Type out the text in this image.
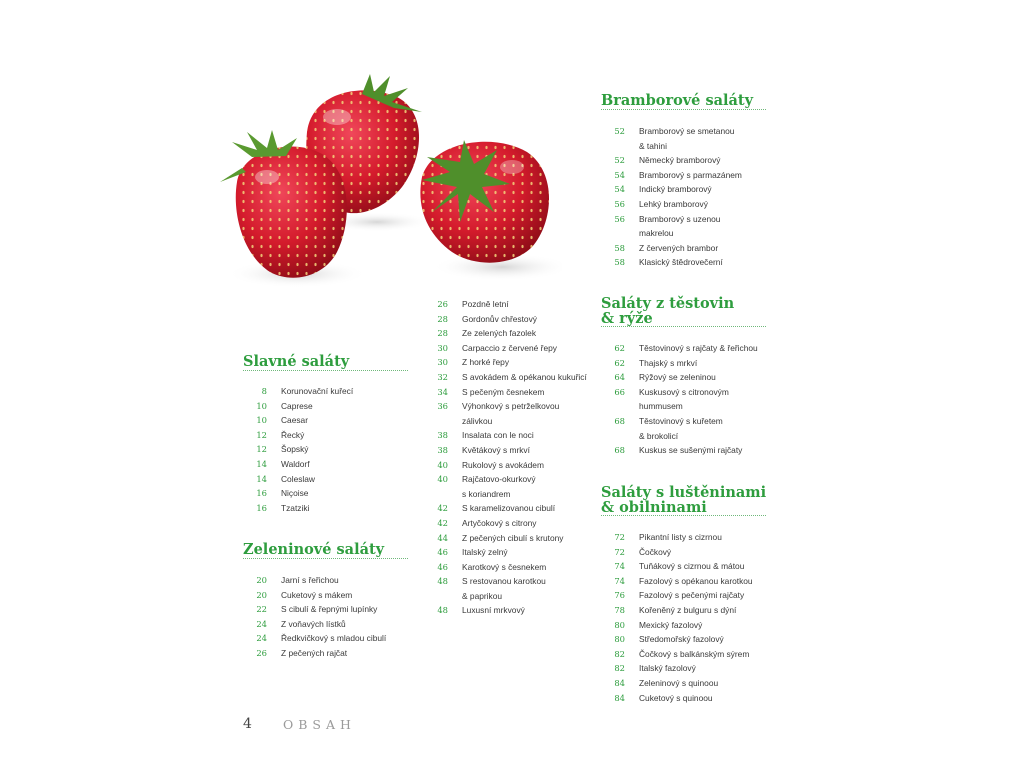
Slavné saláty
8 Korunovační kuřecí
10 Caprese
10 Caesar
12 Řecký
12 Šopský
14 Waldorf
14 Coleslaw
16 Niçoise
16 Tzatziki
Zeleninové saláty
20 Jarní s řeřichou
20 Cuketový s mákem
22 S cibulí & řepnými lupínky
24 Z voňavých lístků
24 Ředkvičkový s mladou cibulí
26 Z pečených rajčat
26 Pozdně letní
28 Gordonův chřestový
28 Ze zelených fazolek
30 Carpaccio z červené řepy
30 Z horké řepy
32 S avokádem & opékanou kukuřicí
34 S pečeným česnekem
36 Výhonkový s petrželkovou
zálivkou
38 Insalata con le noci
38 Květákový s mrkví
40 Rukolový s avokádem
40 Rajčatovo-okurkový
s koriandrem
42 S karamelizovanou cibulí
42 Artyčokový s citrony
44 Z pečených cibulí s krutony
46 Italský zelný
46 Karotkový s česnekem
48 S restovanou karotkou
& paprikou
48 Luxusní mrkvový
Bramborové saláty
52 Bramborový se smetanou
& tahini
52 Německý bramborový
54 Bramborový s parmazánem
54 Indický bramborový
56 Lehký bramborový
56 Bramborový s uzenou
makrelou
58 Z červených brambor
58 Klasický štědrovečerní
Saláty z těstovin
& rýže
62 Těstovinový s rajčaty & řeřichou
62 Thajský s mrkví
64 Rýžový se zeleninou
66 Kuskusový s citronovým
hummusem
68 Těstovinový s kuřetem
& brokolicí
68 Kuskus se sušenými rajčaty
Saláty s luštěninami
& obilninami
72 Pikantní listy s cizrnou
72 Čočkový
74 Tuňákový s cizrnou & mátou
74 Fazolový s opékanou karotkou
76 Fazolový s pečenými rajčaty
78 Kořeněný z bulguru s dýní
80 Mexický fazolový
80 Středomořský fazolový
82 Čočkový s balkánským sýrem
82 Italský fazolový
84 Zeleninový s quinoou
84 Cuketový s quinoou
4 OBSAH
